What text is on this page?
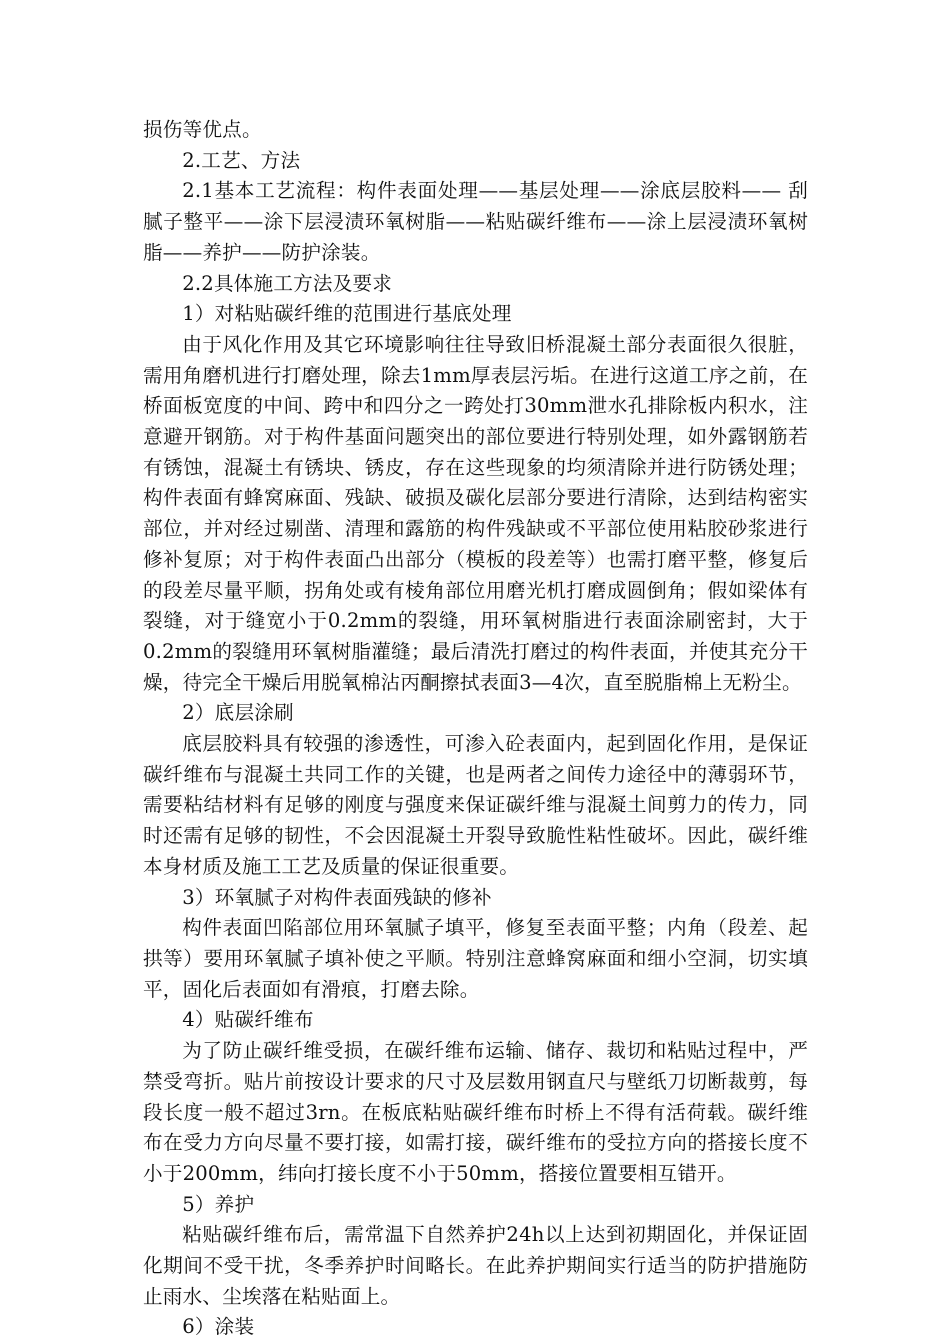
损伤等优点。

2.工艺、方法

2.1基本工艺流程：构件表面处理——基层处理——涂底层胶料—— 刮腻子整平——涂下层浸渍环氧树脂——粘贴碳纤维布——涂上层浸渍环氧树脂——养护——防护涂装。

2.2具体施工方法及要求

1）对粘贴碳纤维的范围进行基底处理

由于风化作用及其它环境影响往往导致旧桥混凝土部分表面很久很脏，需用角磨机进行打磨处理，除去1mm厚表层污垢。在进行这道工序之前，在桥面板宽度的中间、跨中和四分之一跨处打30mm泄水孔排除板内积水，注意避开钢筋。对于构件基面问题突出的部位要进行特别处理，如外露钢筋若有锈蚀，混凝土有锈块、锈皮，存在这些现象的均须清除并进行防锈处理；构件表面有蜂窝麻面、残缺、破损及碳化层部分要进行清除，达到结构密实部位，并对经过剔凿、清理和露筋的构件残缺或不平部位使用粘胶砂浆进行修补复原；对于构件表面凸出部分（模板的段差等）也需打磨平整，修复后的段差尽量平顺，拐角处或有棱角部位用磨光机打磨成圆倒角；假如梁体有裂缝，对于缝宽小于0.2mm的裂缝，用环氧树脂进行表面涂刷密封，大于0.2mm的裂缝用环氧树脂灌缝；最后清洗打磨过的构件表面，并使其充分干燥，待完全干燥后用脱氧棉沾丙酮擦拭表面3—4次，直至脱脂棉上无粉尘。

2）底层涂刷

底层胶料具有较强的渗透性，可渗入砼表面内，起到固化作用，是保证碳纤维布与混凝土共同工作的关键，也是两者之间传力途径中的薄弱环节，需要粘结材料有足够的刚度与强度来保证碳纤维与混凝土间剪力的传力，同时还需有足够的韧性，不会因混凝土开裂导致脆性粘性破坏。因此，碳纤维本身材质及施工工艺及质量的保证很重要。

3）环氧腻子对构件表面残缺的修补

构件表面凹陷部位用环氧腻子填平，修复至表面平整；内角（段差、起拱等）要用环氧腻子填补使之平顺。特别注意蜂窝麻面和细小空洞，切实填平，固化后表面如有滑痕，打磨去除。

4）贴碳纤维布

为了防止碳纤维受损，在碳纤维布运输、储存、裁切和粘贴过程中，严禁受弯折。贴片前按设计要求的尺寸及层数用钢直尺与壁纸刀切断裁剪，每段长度一般不超过3rn。在板底粘贴碳纤维布时桥上不得有活荷载。碳纤维布在受力方向尽量不要打接，如需打接，碳纤维布的受拉方向的搭接长度不小于200mm，纬向打接长度不小于50mm，搭接位置要相互错开。

5）养护

粘贴碳纤维布后，需常温下自然养护24h以上达到初期固化，并保证固化期间不受干扰，冬季养护时间略长。在此养护期间实行适当的防护措施防止雨水、尘埃落在粘贴面上。

6）涂装
